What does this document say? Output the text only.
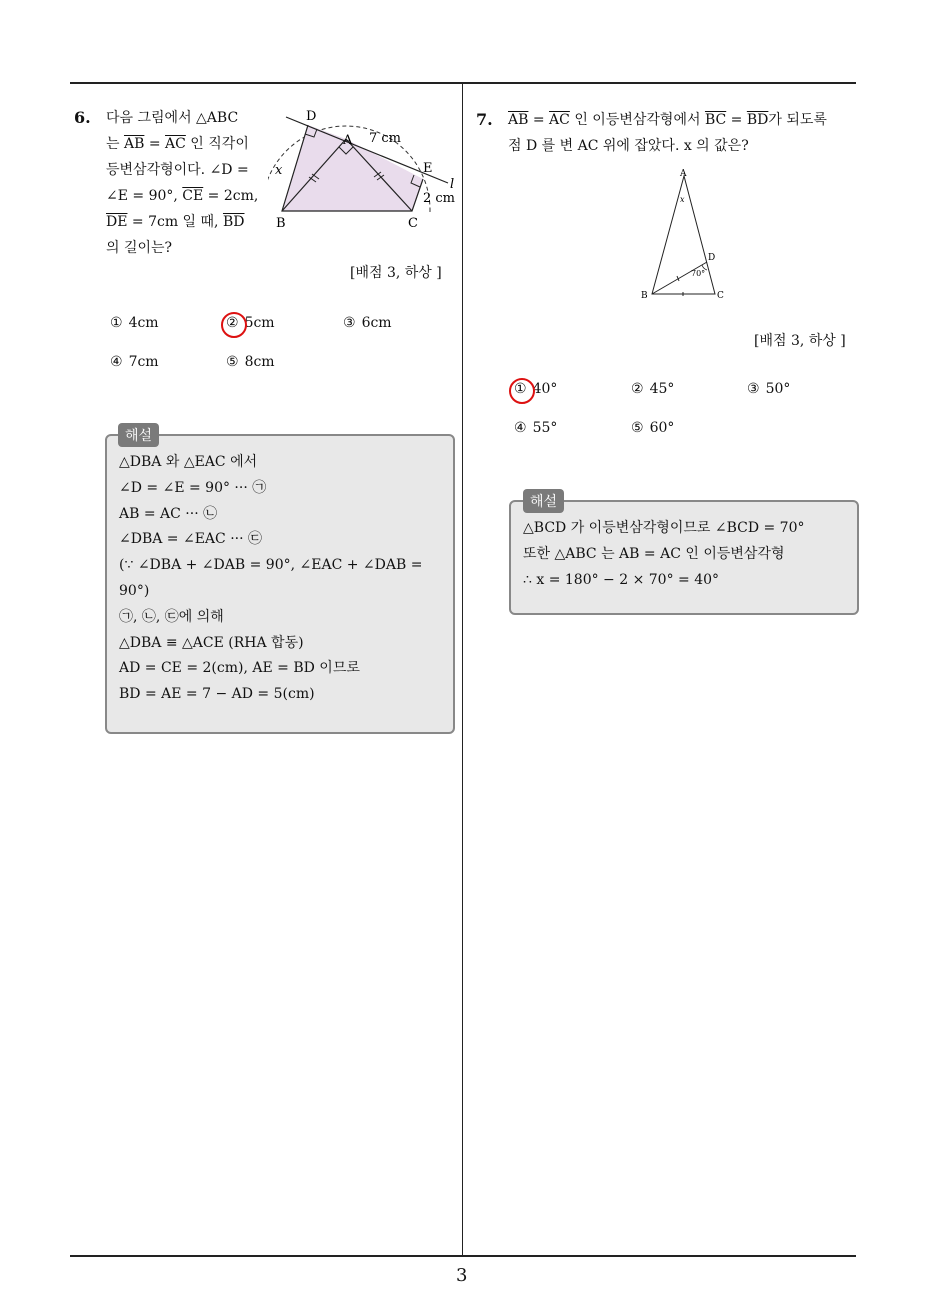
6. 다음 그림에서 △ABC
는 $\overline{AB} = \overline{AC}$ 인 직각이
등변삼각형이다. ∠D =
∠E = 90°, $\overline{CE} = 2cm$,
$\overline{DE} = 7cm$ 일 때, $\overline{BD}$
의 길이는?
D
A
E
B	C
x
l
7 cm
2 cm
[배점 3, 하상 ]
① 4cm	② 5cm	③ 6cm
④ 7cm	⑤ 8cm
△DBA 와 △EAC 에서
∠D = ∠E = 90° ··· ㉠
AB = AC ··· ㉡
∠DBA = ∠EAC ··· ㉢
(∵ ∠DBA + ∠DAB = 90°, ∠EAC + ∠DAB =
90°)
㉠, ㉡, ㉢에 의해
△DBA ≡ △ACE (RHA 합동)
AD = CE = 2(cm), AE = BD 이므로
BD = AE = 7 − AD = 5(cm)
해설
7. $\overline{AB} = \overline{AC}$ 인 이등변삼각형에서 $\overline{BC} = \overline{BD}$가 되도록
점 D 를 변 AC 위에 잡았다. x 의 값은?
A
B	C
D
x
70°
[배점 3, 하상 ]
① 40°	② 45°	③ 50°
④ 55°	⑤ 60°
△BCD 가 이등변삼각형이므로 ∠BCD = 70°
또한 △ABC 는 AB = AC 인 이등변삼각형
∴ x = 180° − 2 × 70° = 40°
해설
3
